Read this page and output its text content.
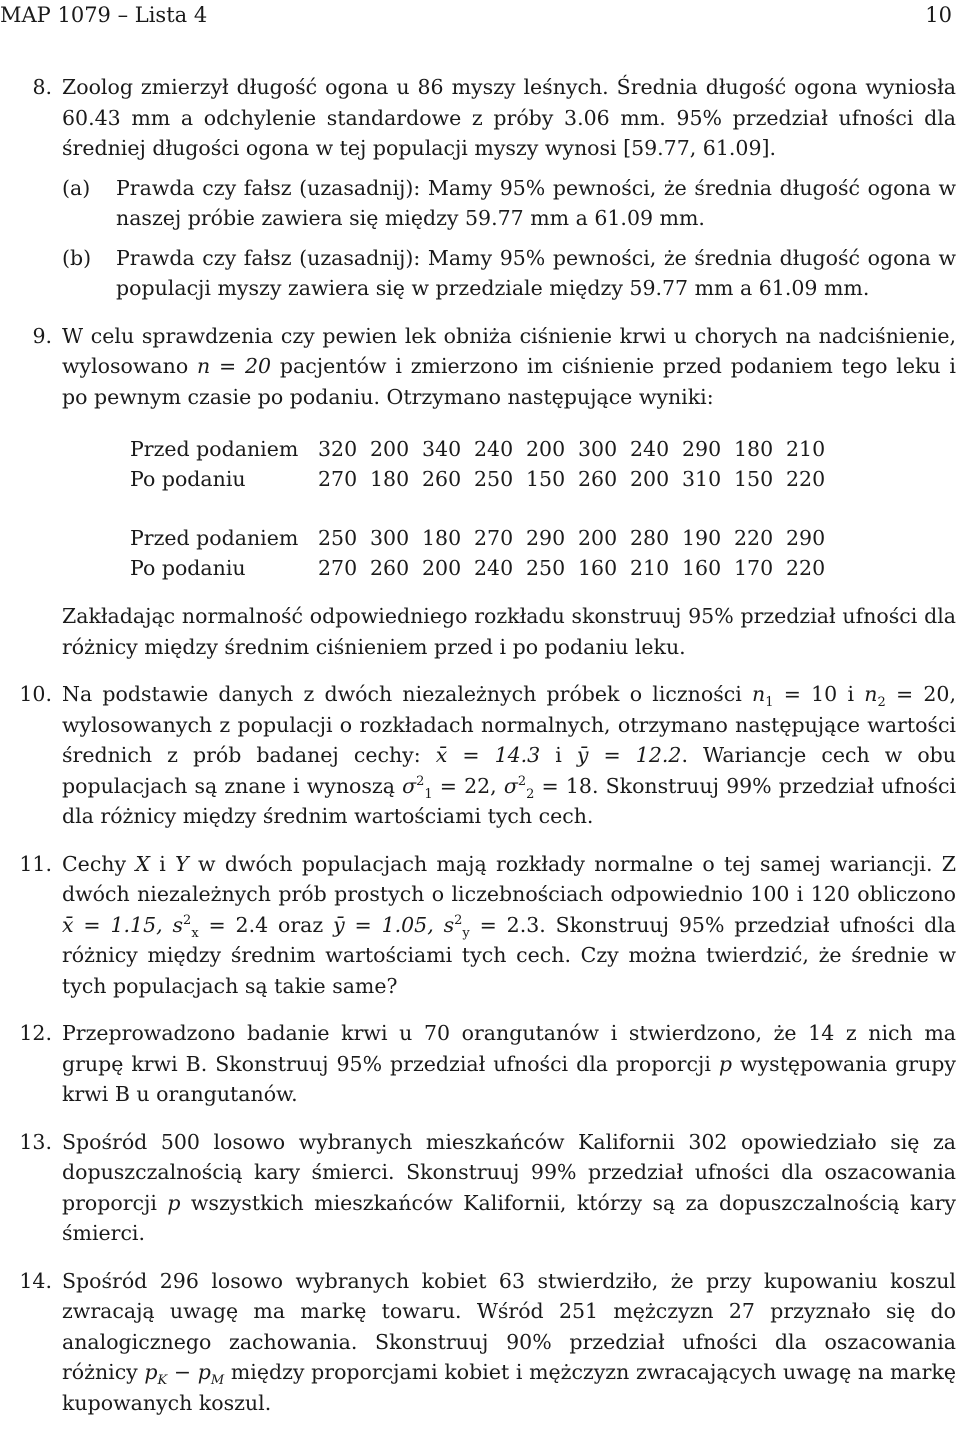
MAP 1079 – Lista 4	10
8. Zoolog zmierzył długość ogona u 86 myszy leśnych. Średnia długość ogona wyniosła 60.43 mm a odchylenie standardowe z próby 3.06 mm. 95% przedział ufności dla średniej długości ogona w tej populacji myszy wynosi [59.77, 61.09].

(a) Prawda czy fałsz (uzasadnij): Mamy 95% pewności, że średnia długość ogona w naszej próbie zawiera się między 59.77 mm a 61.09 mm.

(b) Prawda czy fałsz (uzasadnij): Mamy 95% pewności, że średnia długość ogona w populacji myszy zawiera się w przedziale między 59.77 mm a 61.09 mm.

9. W celu sprawdzenia czy pewien lek obniża ciśnienie krwi u chorych na nadciśnienie, wylosowano n = 20 pacjentów i zmierzono im ciśnienie przed podaniem tego leku i po pewnym czasie po podaniu. Otrzymano następujące wyniki:

Przed podaniem	320	200	340	240	200	300	240	290	180	210
Po podaniu	270	180	260	250	150	260	200	310	150	220

Przed podaniem	250	300	180	270	290	200	280	190	220	290
Po podaniu	270	260	200	240	250	160	210	160	170	220

Zakładając normalność odpowiedniego rozkładu skonstruuj 95% przedział ufności dla różnicy między średnim ciśnieniem przed i po podaniu leku.

10. Na podstawie danych z dwóch niezależnych próbek o liczności $n_1 = 10$ i $n_2 = 20$, wylosowanych z populacji o rozkładach normalnych, otrzymano następujące wartości średnich z prób badanej cechy: x̄ = 14.3 i ȳ = 12.2. Wariancje cech w obu populacjach są znane i wynoszą $\sigma^2_1 = 22$, $\sigma^2_2 = 18$. Skonstruuj 99% przedział ufności dla różnicy między średnim wartościami tych cech.

11. Cechy X i Y w dwóch populacjach mają rozkłady normalne o tej samej wariancji. Z dwóch niezależnych prób prostych o liczebnościach odpowiednio 100 i 120 obliczono x̄ = 1.15, $s^2_x = 2.4$ oraz ȳ = 1.05, $s^2_y = 2.3$. Skonstruuj 95% przedział ufności dla różnicy między średnim wartościami tych cech. Czy można twierdzić, że średnie w tych populacjach są takie same?

12. Przeprowadzono badanie krwi u 70 orangutanów i stwierdzono, że 14 z nich ma grupę krwi B. Skonstruuj 95% przedział ufności dla proporcji p występowania grupy krwi B u orangutanów.

13. Spośród 500 losowo wybranych mieszkańców Kalifornii 302 opowiedziało się za dopuszczalnością kary śmierci. Skonstruuj 99% przedział ufności dla oszacowania proporcji p wszystkich mieszkańców Kalifornii, którzy są za dopuszczalnością kary śmierci.

14. Spośród 296 losowo wybranych kobiet 63 stwierdziło, że przy kupowaniu koszul zwracają uwagę ma markę towaru. Wśród 251 mężczyzn 27 przyznało się do analogicznego zachowania. Skonstruuj 90% przedział ufności dla oszacowania różnicy $p_K - p_M$ między proporcjami kobiet i mężczyzn zwracających uwagę na markę kupowanych koszul.
